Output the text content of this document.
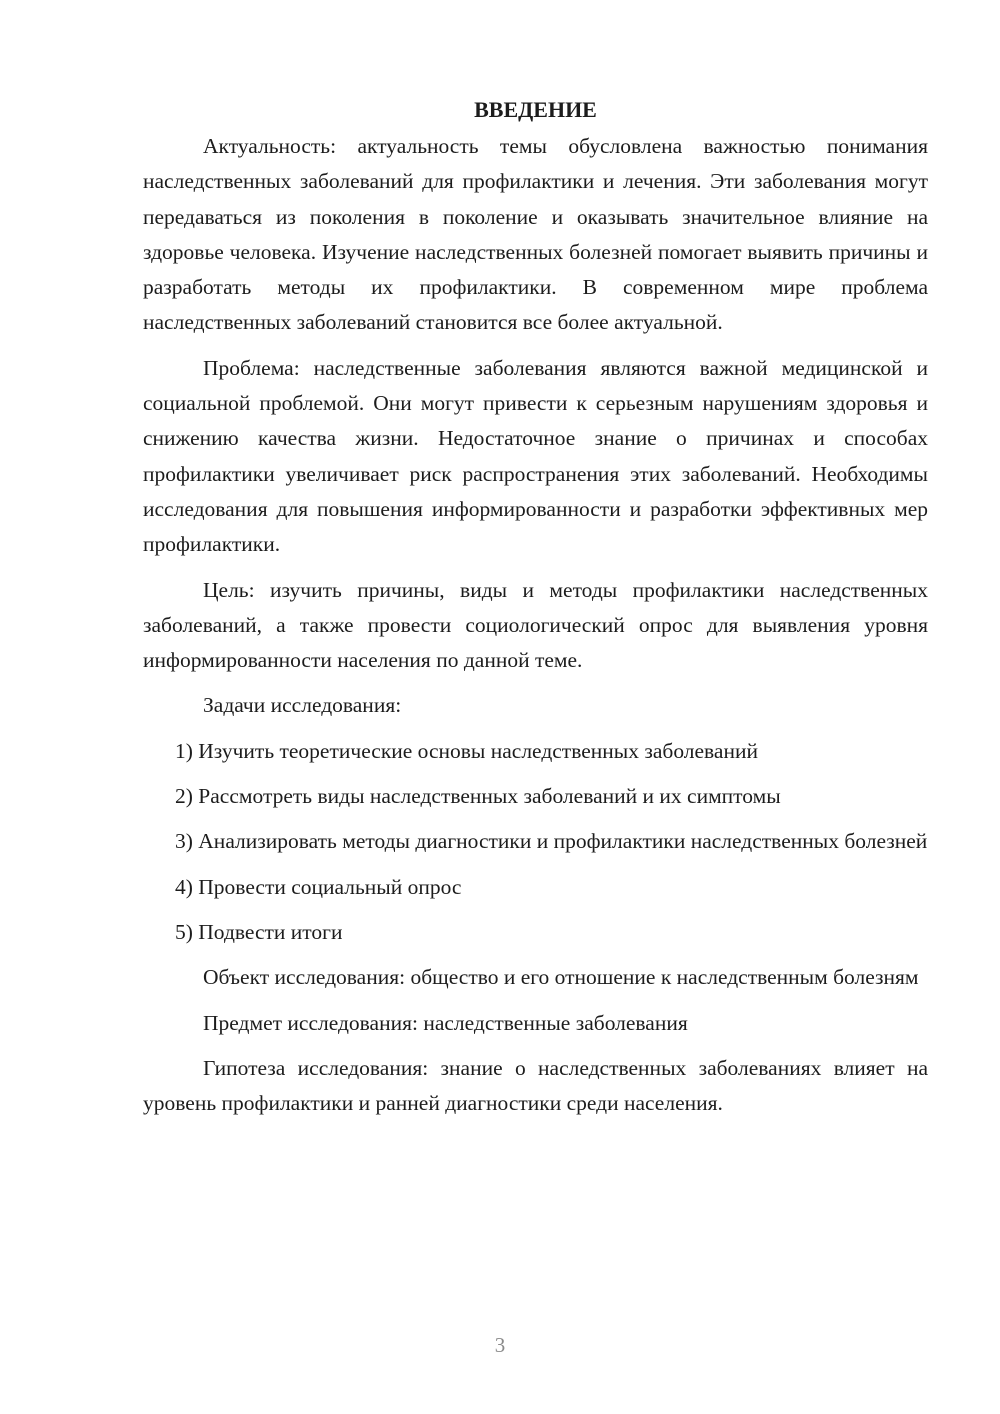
ВВЕДЕНИЕ

Актуальность: актуальность темы обусловлена важностью понимания наследственных заболеваний для профилактики и лечения. Эти заболевания могут передаваться из поколения в поколение и оказывать значительное влияние на здоровье человека. Изучение наследственных болезней помогает выявить причины и разработать методы их профилактики. В современном мире проблема наследственных заболеваний становится все более актуальной.

Проблема: наследственные заболевания являются важной медицинской и социальной проблемой. Они могут привести к серьезным нарушениям здоровья и снижению качества жизни. Недостаточное знание о причинах и способах профилактики увеличивает риск распространения этих заболеваний. Необходимы исследования для повышения информированности и разработки эффективных мер профилактики.

Цель: изучить причины, виды и методы профилактики наследственных заболеваний, а также провести социологический опрос для выявления уровня информированности населения по данной теме.

Задачи исследования:

1) Изучить теоретические основы наследственных заболеваний

2) Рассмотреть виды наследственных заболеваний и их симптомы

3) Анализировать методы диагностики и профилактики наследственных болезней

4) Провести социальный опрос

5) Подвести итоги

Объект исследования: общество и его отношение к наследственным болезням

Предмет исследования: наследственные заболевания

Гипотеза исследования: знание о наследственных заболеваниях влияет на уровень профилактики и ранней диагностики среди населения.

3
